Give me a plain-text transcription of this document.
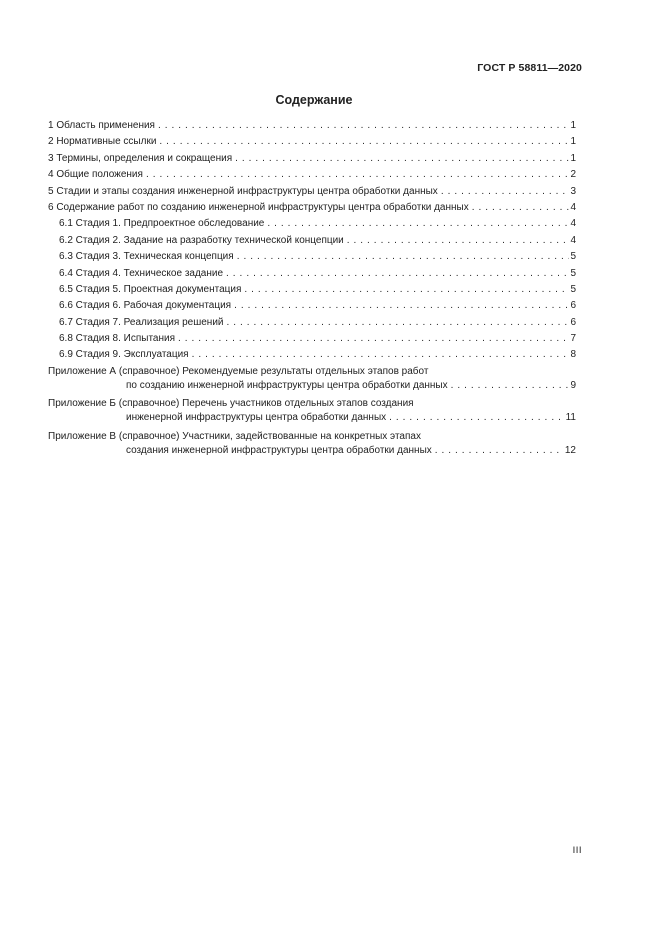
ГОСТ Р 58811—2020
Содержание
1 Область применения . . .	1
2 Нормативные ссылки . . .	1
3 Термины, определения и сокращения . . .	1
4 Общие положения . . .	2
5 Стадии и этапы создания инженерной инфраструктуры центра обработки данных . . .	3
6 Содержание работ по созданию инженерной инфраструктуры центра обработки данных . . .	4
6.1 Стадия 1. Предпроектное обследование . . .	4
6.2 Стадия 2. Задание на разработку технической концепции . . .	4
6.3 Стадия 3. Техническая концепция . . .	5
6.4 Стадия 4. Техническое задание . . .	5
6.5 Стадия 5. Проектная документация . . .	5
6.6 Стадия 6. Рабочая документация . . .	6
6.7 Стадия 7. Реализация решений . . .	6
6.8 Стадия 8. Испытания . . .	7
6.9 Стадия 9. Эксплуатация . . .	8
Приложение А (справочное) Рекомендуемые результаты отдельных этапов работ
по созданию инженерной инфраструктуры центра обработки данных . . .	9
Приложение Б (справочное) Перечень участников отдельных этапов создания
инженерной инфраструктуры центра обработки данных . . .	11
Приложение В (справочное) Участники, задействованные на конкретных этапах
создания инженерной инфраструктуры центра обработки данных . . .	12
III
